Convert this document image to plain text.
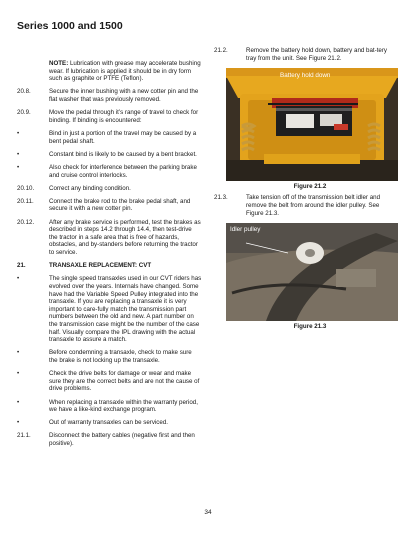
Series 1000 and 1500
NOTE: Lubrication with grease may accelerate bushing wear. If lubrication is applied it should be in dry form such as graphite or PTFE (Teflon).
20.8.	Secure the inner bushing with a new cotter pin and the flat washer that was previously removed.
20.9.	Move the pedal through it’s range of travel to check for binding. If binding is encountered:
•	Bind in just a portion of the travel may be caused by a bent pedal shaft.
•	Constant bind is likely to be caused by a bent bracket.
•	Also check for interference between the parking brake and cruise control interlocks.
20.10.	Correct any binding condition.
20.11.	Connect the brake rod to the brake pedal shaft, and secure it with a new cotter pin.
20.12.	After any brake service is performed, test the brakes as described in steps 14.2 through 14.4, then test-drive the tractor in a safe area that is free of hazards, obstacles, and by-standers before returning the tractor to service.
21.	TRANSAXLE REPLACEMENT: CVT
•	The single speed transaxles used in our CVT riders has evolved over the years. Internals have changed. Some have had the Variable Speed Pulley integrated into the transaxle. If you are replacing a transaxle it is very important to care-fully match the transmission part numbers between the old and new. A part number on the transmission case might be the number of the case half. Visually compare the IPL drawing with the actual transaxle to assure a match.
•	Before condemning a transaxle, check to make sure the brake is not locking up the transaxle.
•	Check the drive belts for damage or wear and make sure they are the correct belts and are not the cause of drive problems.
•	When replacing a transaxle within the warranty period, we have a like-kind exchange program.
•	Out of warranty transaxles can be serviced.
21.1.	Disconnect the battery cables (negative first and then positive).
21.2.	Remove the battery hold down, battery and bat-tery tray from the unit. See Figure 21.2.
Battery hold down
Figure 21.2
21.3.	Take tension off of the transmission belt idler and remove the belt from around the idler pulley. See Figure 21.3.
Idler pulley
Figure 21.3
34
